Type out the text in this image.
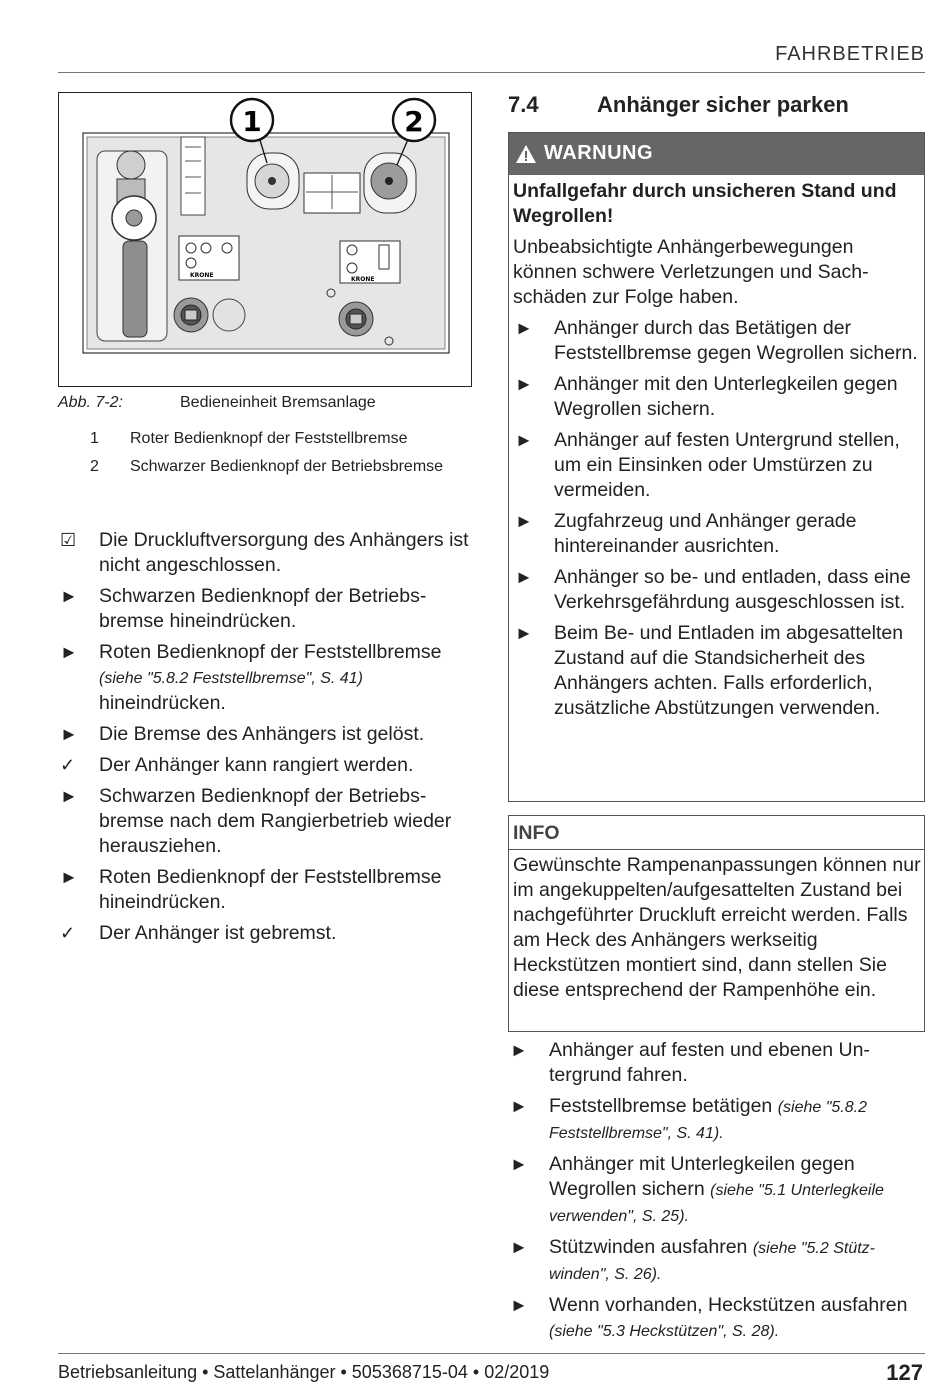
FAHRBETRIEB
KRONE
KRONE
1	2
Abb. 7-2:	Bedieneinheit Bremsanlage
1 Roter Bedienknopf der Feststellbremse
2 Schwarzer Bedienknopf der Betriebsbremse
☑ Die Druckluftversorgung des Anhängers ist nicht angeschlossen.
► Schwarzen Bedienknopf der Betriebsbremse hineindrücken.
► Roten Bedienknopf der Feststellbremse (siehe "5.8.2 Feststellbremse", S. 41) hineindrücken.
► Die Bremse des Anhängers ist gelöst.
✓ Der Anhänger kann rangiert werden.
► Schwarzen Bedienknopf der Betriebsbremse nach dem Rangierbetrieb wieder herausziehen.
► Roten Bedienknopf der Feststellbremse hineindrücken.
✓ Der Anhänger ist gebremst.
7.4	Anhänger sicher parken
WARNUNG
Unfallgefahr durch unsicheren Stand und Wegrollen!
Unbeabsichtigte Anhängerbewegungen können schwere Verletzungen und Sachschäden zur Folge haben.
► Anhänger durch das Betätigen der Feststellbremse gegen Wegrollen sichern.
► Anhänger mit den Unterlegkeilen gegen Wegrollen sichern.
► Anhänger auf festen Untergrund stellen, um ein Einsinken oder Umstürzen zu vermeiden.
► Zugfahrzeug und Anhänger gerade hintereinander ausrichten.
► Anhänger so be- und entladen, dass eine Verkehrsgefährdung ausgeschlossen ist.
► Beim Be- und Entladen im abgesattelten Zustand auf die Standsicherheit des Anhängers achten. Falls erforderlich, zusätzliche Abstützungen verwenden.
INFO
Gewünschte Rampenanpassungen können nur im angekuppelten/aufgesattelten Zustand bei nachgeführter Druckluft erreicht werden. Falls am Heck des Anhängers werkseitig Heckstützen montiert sind, dann stellen Sie diese entsprechend der Rampenhöhe ein.
► Anhänger auf festen und ebenen Untergrund fahren.
► Feststellbremse betätigen (siehe "5.8.2 Feststellbremse", S. 41).
► Anhänger mit Unterlegkeilen gegen Wegrollen sichern (siehe "5.1 Unterlegkeile verwenden", S. 25).
► Stützwinden ausfahren (siehe "5.2 Stützwinden", S. 26).
► Wenn vorhanden, Heckstützen ausfahren (siehe "5.3 Heckstützen", S. 28).
Betriebsanleitung • Sattelanhänger • 505368715-04 • 02/2019	127
